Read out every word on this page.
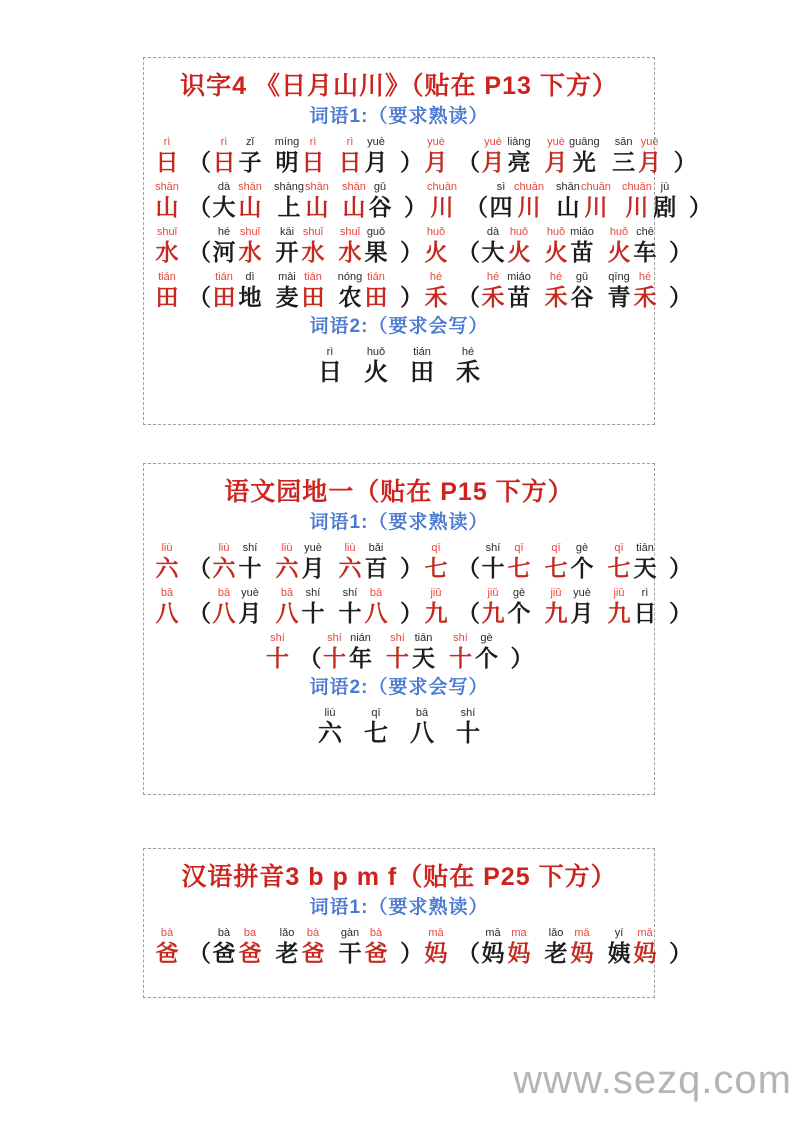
识字4 《日月山川》（贴在 P13 下方）
词语1:（要求熟读）
rì
日
（
rì
日
zǐ
子
míng
明
rì
日
rì
日
yuè
月
）
yuè
月
（
yuè
月
liàng
亮
yuè
月
guāng
光
sān
三
yuè
月
）
shān
山
（
dà
大
shān
山
shàng
上
shān
山
shān
山
gǔ
谷
）
chuān
川
（
sì
四
chuān
川
shān
山
chuān
川
chuān
川
jù
剧
）
shuǐ
水
（
hé
河
shuǐ
水
kāi
开
shuǐ
水
shuǐ
水
guǒ
果
）
huǒ
火
（
dà
大
huǒ
火
huǒ
火
miáo
苗
huǒ
火
chē
车
）
tián
田
（
tián
田
dì
地
mài
麦
tián
田
nóng
农
tián
田
）
hé
禾
（
hé
禾
miáo
苗
hé
禾
gǔ
谷
qīng
青
hé
禾
）
词语2:（要求会写）
rì
日
huǒ
火
tián
田
hé
禾
语文园地一（贴在 P15 下方）
词语1:（要求熟读）
liù
六
（
liù
六
shí
十
liù
六
yuè
月
liù
六
bǎi
百
）
qī
七
（
shí
十
qī
七
qī
七
gè
个
qī
七
tiān
天
）
bā
八
（
bā
八
yuè
月
bā
八
shí
十
shí
十
bā
八
）
jiǔ
九
（
jiǔ
九
gè
个
jiǔ
九
yuè
月
jiǔ
九
rì
日
）
shí
十
（
shí
十
nián
年
shí
十
tiān
天
shí
十
gè
个
）
词语2:（要求会写）
liù
六
qī
七
bā
八
shí
十
汉语拼音3 b p m f（贴在 P25 下方）
词语1:（要求熟读）
bà
爸
（
bà
爸
ba
爸
lǎo
老
bà
爸
gàn
干
bà
爸
）
mā
妈
（
mā
妈
ma
妈
lǎo
老
mā
妈
yí
姨
mā
妈
）
www.sezq.com
